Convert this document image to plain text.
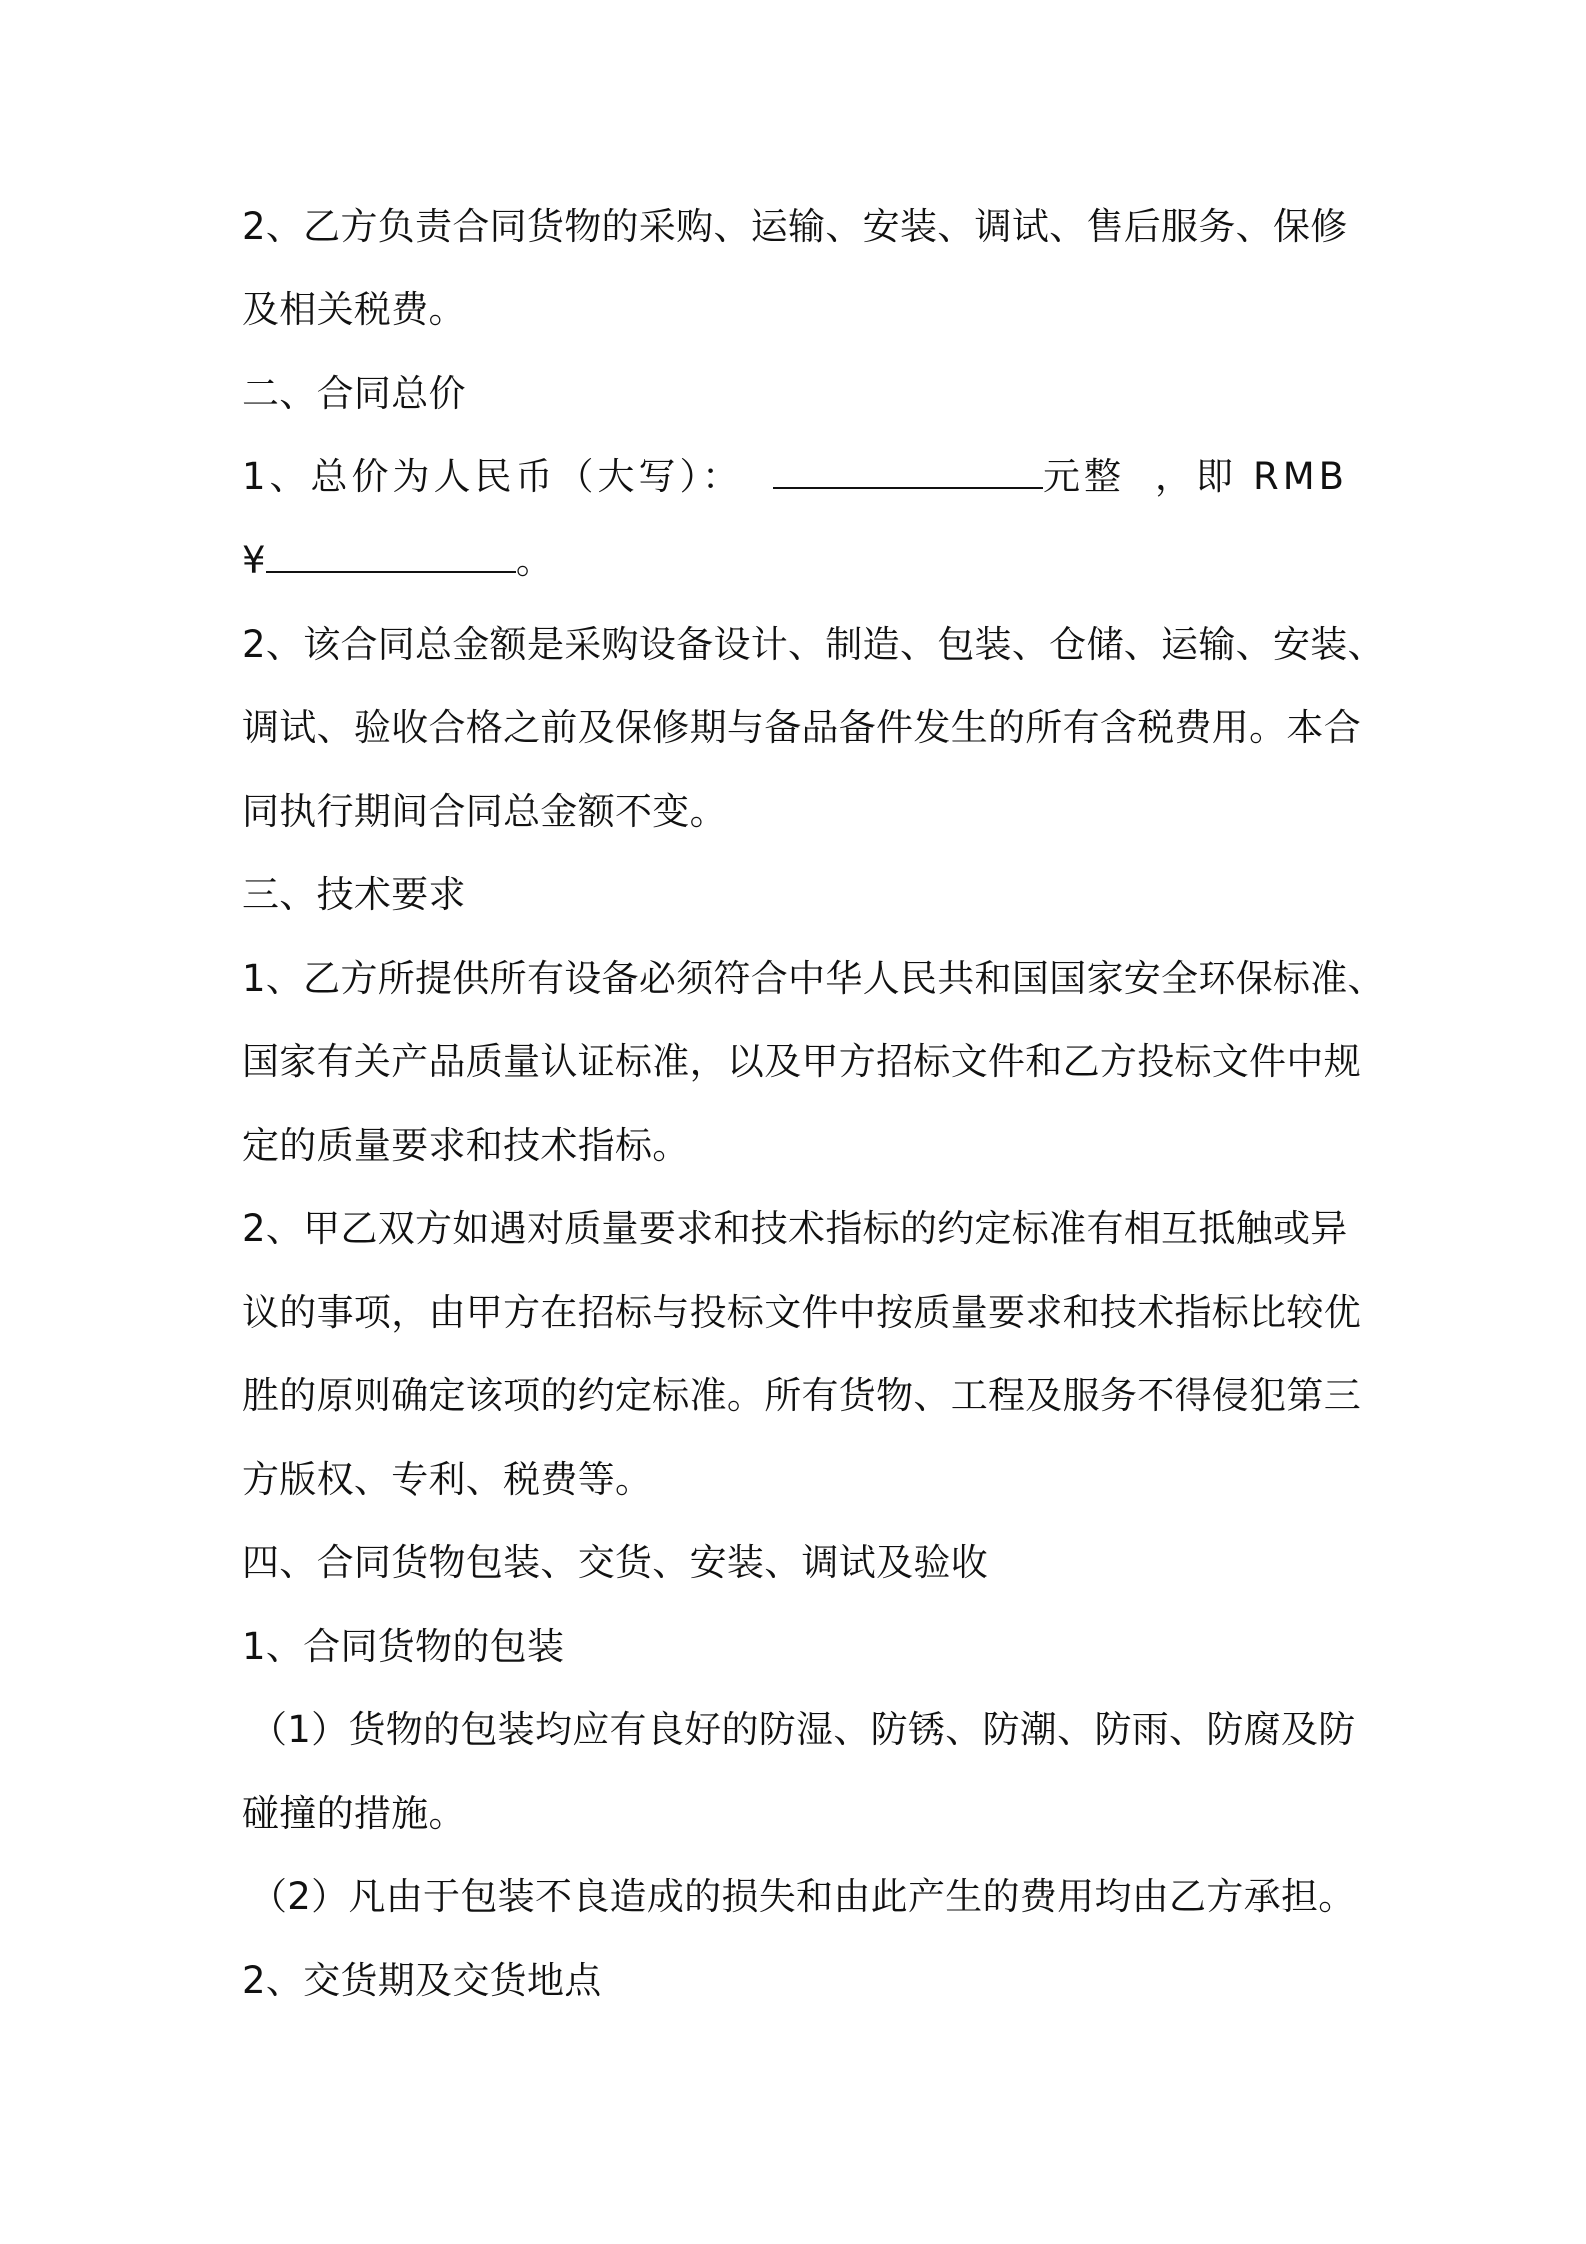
2、乙方负责合同货物的采购、运输、安装、调试、售后服务、保修
及相关税费。
二、合同总价
1、总价为人民币（大写）：	元整 ，即 RMB
¥	。
2、该合同总金额是采购设备设计、制造、包装、仓储、运输、安装、
调试、验收合格之前及保修期与备品备件发生的所有含税费用。本合
同执行期间合同总金额不变。
三、技术要求
1、乙方所提供所有设备必须符合中华人民共和国国家安全环保标准、
国家有关产品质量认证标准，以及甲方招标文件和乙方投标文件中规
定的质量要求和技术指标。
2、甲乙双方如遇对质量要求和技术指标的约定标准有相互抵触或异
议的事项，由甲方在招标与投标文件中按质量要求和技术指标比较优
胜的原则确定该项的约定标准。所有货物、工程及服务不得侵犯第三
方版权、专利、税费等。
四、合同货物包装、交货、安装、调试及验收
1、合同货物的包装
（1）货物的包装均应有良好的防湿、防锈、防潮、防雨、防腐及防
碰撞的措施。
（2）凡由于包装不良造成的损失和由此产生的费用均由乙方承担。
2、交货期及交货地点
